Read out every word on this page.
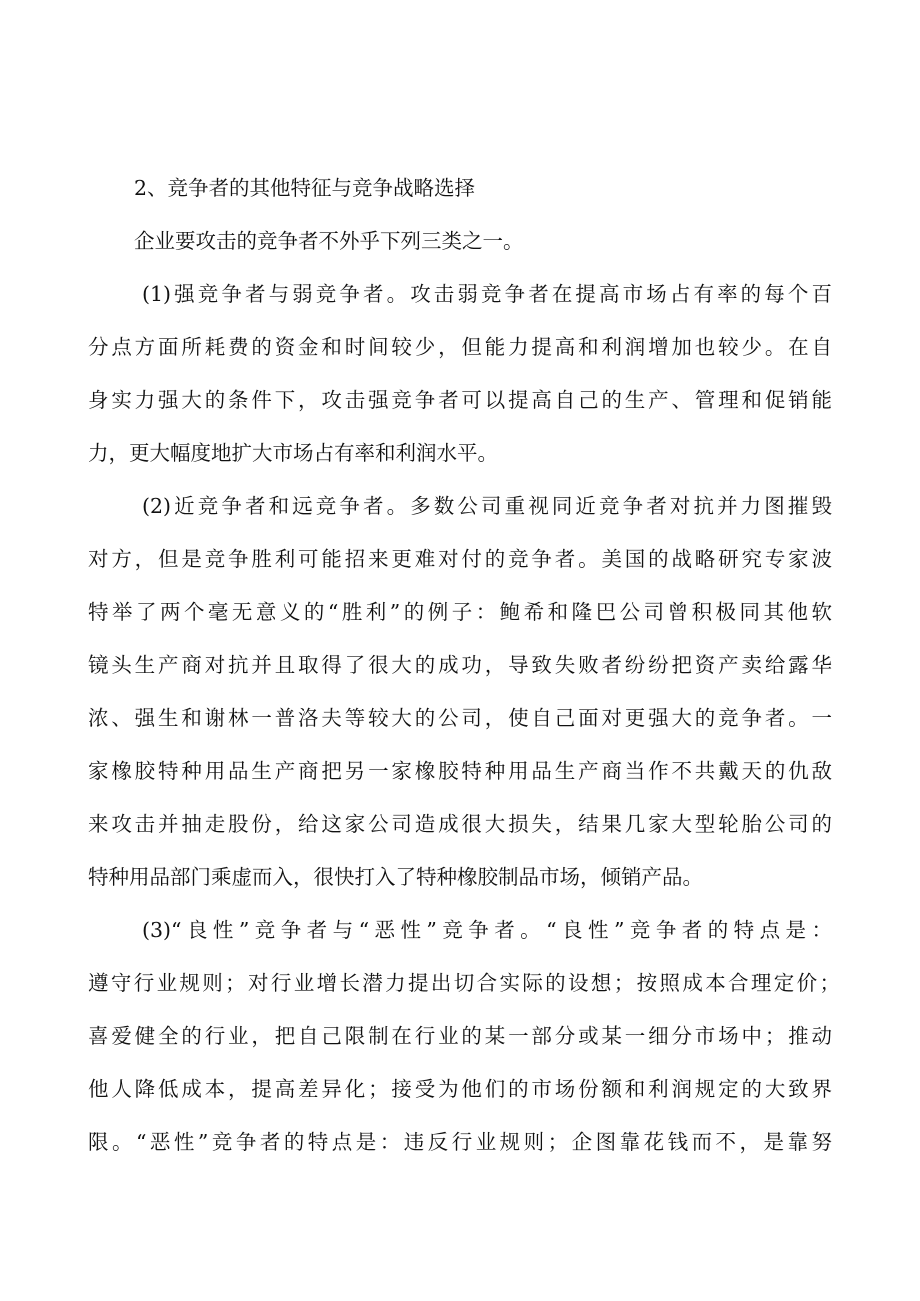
2、竞争者的其他特征与竞争战略选择

企业要攻击的竞争者不外乎下列三类之一。

(1)强竞争者与弱竞争者。攻击弱竞争者在提高市场占有率的每个百

分点方面所耗费的资金和时间较少，但能力提高和利润增加也较少。在自

身实力强大的条件下，攻击强竞争者可以提高自己的生产、管理和促销能

力，更大幅度地扩大市场占有率和利润水平。

(2)近竞争者和远竞争者。多数公司重视同近竞争者对抗并力图摧毁

对方，但是竞争胜利可能招来更难对付的竞争者。美国的战略研究专家波

特举了两个毫无意义的“胜利”的例子：鲍希和隆巴公司曾积极同其他软

镜头生产商对抗并且取得了很大的成功，导致失败者纷纷把资产卖给露华

浓、强生和谢林一普洛夫等较大的公司，使自己面对更强大的竞争者。一

家橡胶特种用品生产商把另一家橡胶特种用品生产商当作不共戴天的仇敌

来攻击并抽走股份，给这家公司造成很大损失，结果几家大型轮胎公司的

特种用品部门乘虚而入，很快打入了特种橡胶制品市场，倾销产品。

(3)“良性”竞争者与“恶性”竞争者。“良性”竞争者的特点是：

遵守行业规则；对行业增长潜力提出切合实际的设想；按照成本合理定价；

喜爱健全的行业，把自己限制在行业的某一部分或某一细分市场中；推动

他人降低成本，提高差异化；接受为他们的市场份额和利润规定的大致界

限。“恶性”竞争者的特点是：违反行业规则；企图靠花钱而不，是靠努
